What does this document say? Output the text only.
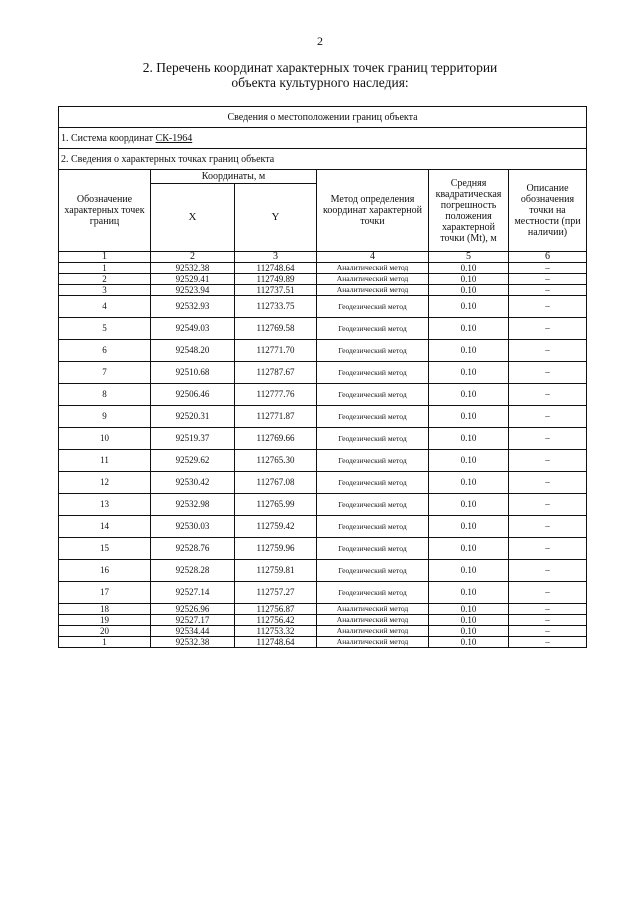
2
2. Перечень координат характерных точек границ территории
объекта культурного наследия:
Сведения о местоположении границ объекта					
1. Система координат СК-1964					
2. Сведения о характерных точках границ объекта					
Обозначение характерных точек границ	Координаты, м		Метод определения координат характерной точки	Средняя квадратическая погрешность положения характерной точки (Mt), м	Описание обозначения точки на местности (при наличии)
	X	Y			
1	2	3	4	5	6
1	92532.38	112748.64	Аналитический метод	0.10	–
2	92529.41	112749.89	Аналитический метод	0.10	–
3	92523.94	112737.51	Аналитический метод	0.10	–
4	92532.93	112733.75	Геодезический метод	0.10	–
5	92549.03	112769.58	Геодезический метод	0.10	–
6	92548.20	112771.70	Геодезический метод	0.10	–
7	92510.68	112787.67	Геодезический метод	0.10	–
8	92506.46	112777.76	Геодезический метод	0.10	–
9	92520.31	112771.87	Геодезический метод	0.10	–
10	92519.37	112769.66	Геодезический метод	0.10	–
11	92529.62	112765.30	Геодезический метод	0.10	–
12	92530.42	112767.08	Геодезический метод	0.10	–
13	92532.98	112765.99	Геодезический метод	0.10	–
14	92530.03	112759.42	Геодезический метод	0.10	–
15	92528.76	112759.96	Геодезический метод	0.10	–
16	92528.28	112759.81	Геодезический метод	0.10	–
17	92527.14	112757.27	Геодезический метод	0.10	–
18	92526.96	112756.87	Аналитический метод	0.10	–
19	92527.17	112756.42	Аналитический метод	0.10	–
20	92534.44	112753.32	Аналитический метод	0.10	–
1	92532.38	112748.64	Аналитический метод	0.10	–
